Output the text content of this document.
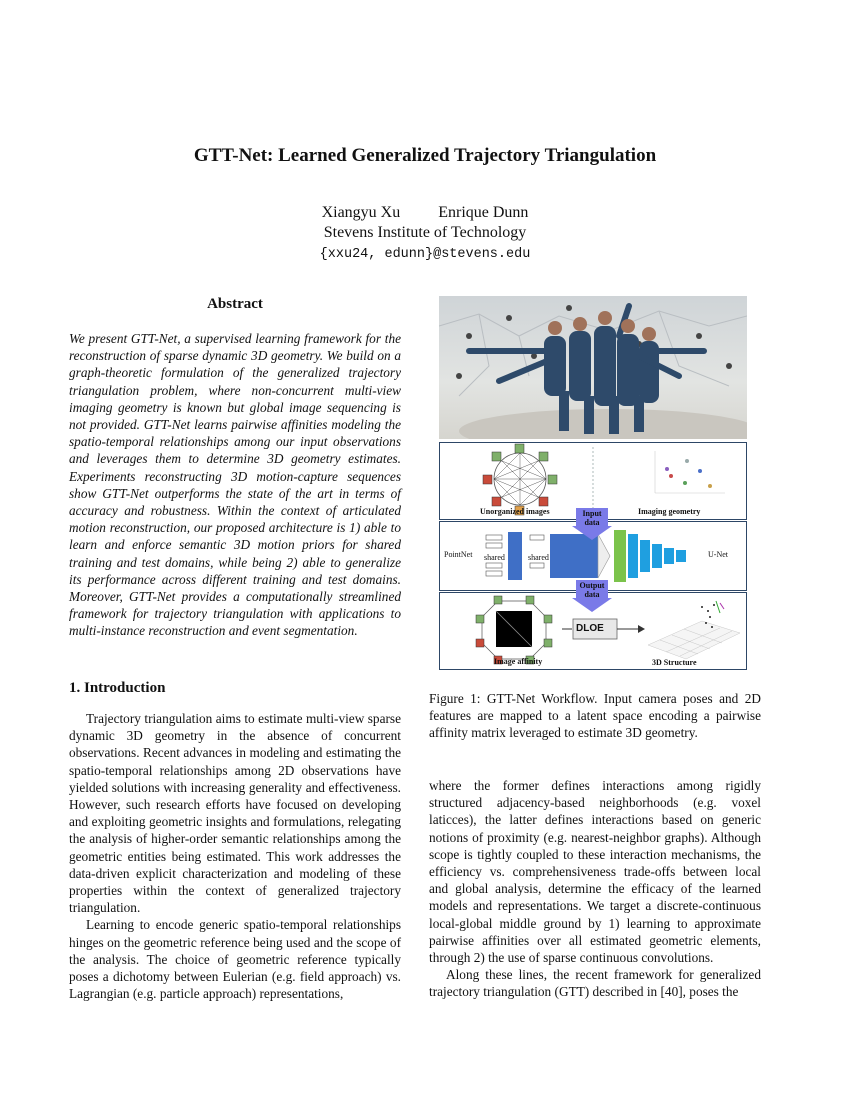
GTT-Net: Learned Generalized Trajectory Triangulation
Xiangyu Xu Enrique Dunn
Stevens Institute of Technology
{xxu24, edunn}@stevens.edu
Abstract
We present GTT-Net, a supervised learning framework for the reconstruction of sparse dynamic 3D geometry. We build on a graph-theoretic formulation of the generalized trajectory triangulation problem, where non-concurrent multi-view imaging geometry is known but global image sequencing is not provided. GTT-Net learns pairwise affinities modeling the spatio-temporal relationships among our input observations and leverages them to determine 3D geometry estimates. Experiments reconstructing 3D motion-capture sequences show GTT-Net outperforms the state of the art in terms of accuracy and robustness. Within the context of articulated motion reconstruction, our proposed architecture is 1) able to learn and enforce semantic 3D motion priors for shared training and test domains, while being 2) able to generalize its performance across different training and test domains. Moreover, GTT-Net provides a computationally streamlined framework for trajectory triangulation with applications to multi-instance reconstruction and event segmentation.
1. Introduction

Trajectory triangulation aims to estimate multi-view sparse dynamic 3D geometry in the absence of concurrent observations. Recent advances in modeling and estimating the spatio-temporal relationships among 2D observations have yielded solutions with increasing generality and effectiveness. However, such research efforts have focused on developing and exploiting geometric insights and formulations, relegating the analysis of higher-order semantic relationships among the geometric entities being estimated. This work addresses the data-driven explicit characterization and modeling of these properties within the context of generalized trajectory triangulation.

Learning to encode generic spatio-temporal relationships hinges on the geometric reference being used and the scope of the analysis. The choice of geometric reference typically poses a dichotomy between Eulerian (e.g. field approach) vs. Lagrangian (e.g. particle approach) representations,

Unorganized images	Imaging geometry
Input data
PointNet shared	shared	U-Net
Output data
DLOE
Image affinity	3D Structure
Figure 1: GTT-Net Workflow. Input camera poses and 2D features are mapped to a latent space encoding a pairwise affinity matrix leveraged to estimate 3D geometry.

where the former defines interactions among rigidly structured adjacency-based neighborhoods (e.g. voxel laticces), the latter defines interactions based on generic notions of proximity (e.g. nearest-neighbor graphs). Although scope is tightly coupled to these interaction mechanisms, the efficiency vs. comprehensiveness trade-offs between local and global analysis, determine the efficacy of the learned models and representations. We target a discrete-continuous local-global middle ground by 1) learning to approximate pairwise affinities over all estimated geometric elements, through 2) the use of sparse continuous convolutions.

Along these lines, the recent framework for generalized trajectory triangulation (GTT) described in [40], poses the
